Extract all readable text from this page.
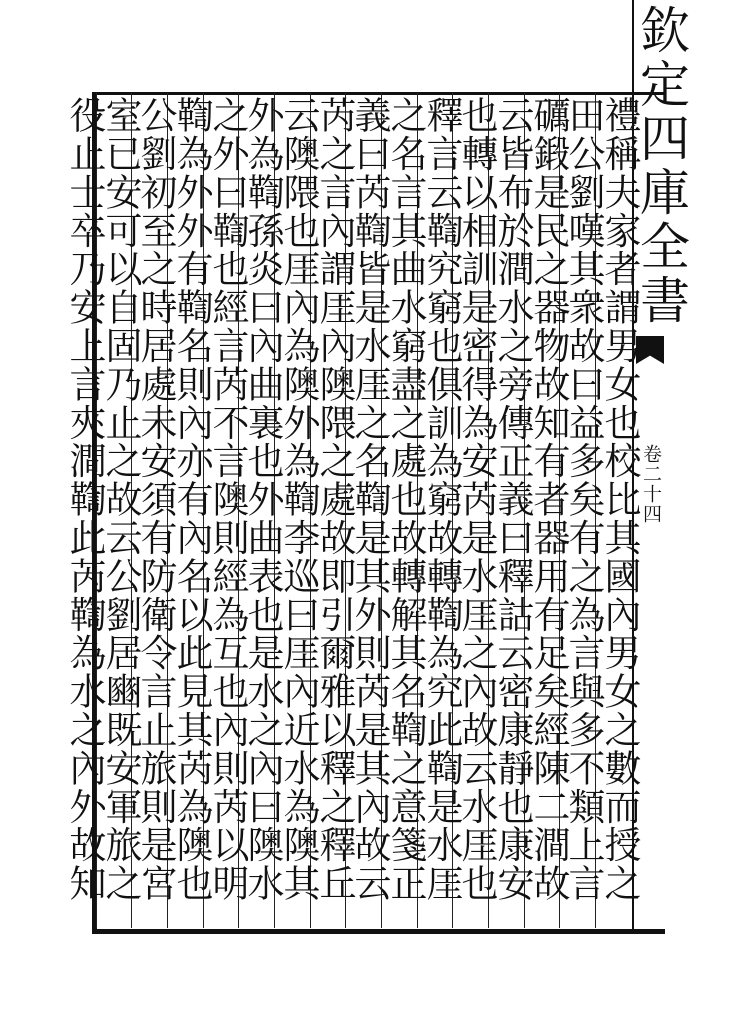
欽定四庫全書
卷二十四
禮稱夫家者謂男女也校比其國內男女之數而授之
田公劉嘆其衆故曰益多矣有之為言與多不類上言
礪鍛是民之器物故知有者器用有足矣經陳二澗故
云皆布於澗水之旁傳正義曰釋詁云密康靜也康安
也轉以相訓是密得為安芮是水厓之內故云水厓也
釋言云鞫究窮也俱訓為窮故轉鞫為究此鞫是水厓
之名言其曲水窮盡之處也故轉解其名鞫之意箋正
義曰芮鞫皆是水厓之名鞫是其外則芮是其內故云
芮之言內謂厓內隩隈之處故即引爾雅以釋之釋丘
云隩隈也厓內為隩外為鞫李巡曰厓內近水為隩其
外為鞫孫炎曰內曲裏也外曲表也是水之內曰隩水
之外曰鞫也經言芮不言隩則經為互也內則芮以明
鞫為外外有鞫名則內亦有內名以此見其芮為隩也
公劉初至之時居處未安須有防衛令言止旅則是宮
室已安可以自固乃止之故云公劉居豳既安軍旅之
役止士卒乃安上言夾澗鞫此芮鞫為水之內外故知
